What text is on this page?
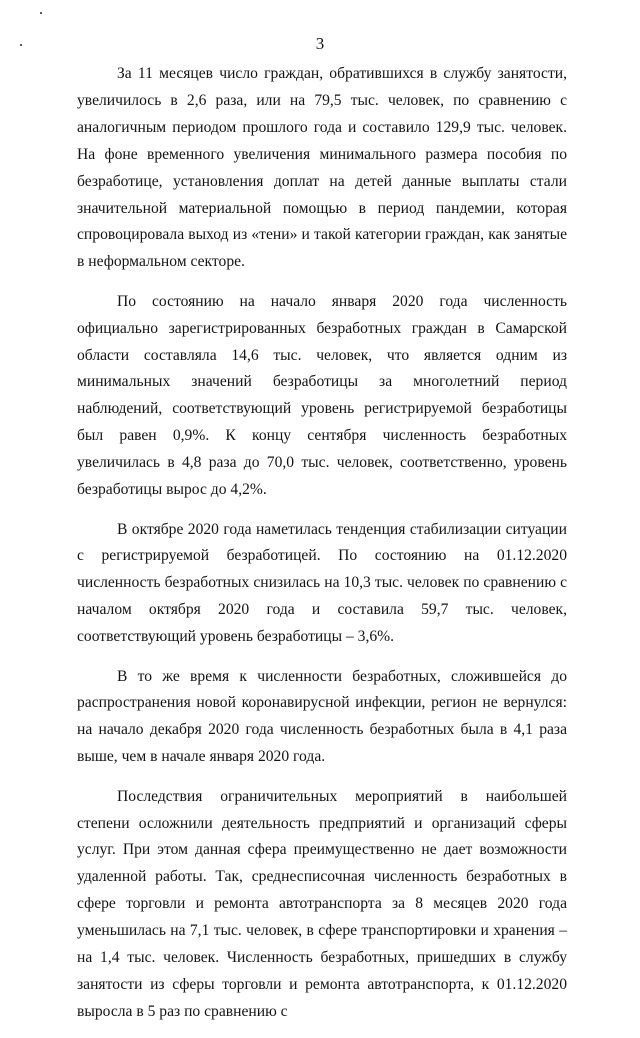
3

За 11 месяцев число граждан, обратившихся в службу занятости, увеличилось в 2,6 раза, или на 79,5 тыс. человек, по сравнению с аналогичным периодом прошлого года и составило 129,9 тыс. человек. На фоне временного увеличения минимального размера пособия по безработице, установления доплат на детей данные выплаты стали значительной материальной помощью в период пандемии, которая спровоцировала выход из «тени» и такой категории граждан, как занятые в неформальном секторе.

По состоянию на начало января 2020 года численность официально зарегистрированных безработных граждан в Самарской области составляла 14,6 тыс. человек, что является одним из минимальных значений безработицы за многолетний период наблюдений, соответствующий уровень регистрируемой безработицы был равен 0,9%. К концу сентября численность безработных увеличилась в 4,8 раза до 70,0 тыс. человек, соответственно, уровень безработицы вырос до 4,2%.

В октябре 2020 года наметилась тенденция стабилизации ситуации с регистрируемой безработицей. По состоянию на 01.12.2020 численность безработных снизилась на 10,3 тыс. человек по сравнению с началом октября 2020 года и составила 59,7 тыс. человек, соответствующий уровень безработицы – 3,6%.

В то же время к численности безработных, сложившейся до распространения новой коронавирусной инфекции, регион не вернулся: на начало декабря 2020 года численность безработных была в 4,1 раза выше, чем в начале января 2020 года.

Последствия ограничительных мероприятий в наибольшей степени осложнили деятельность предприятий и организаций сферы услуг. При этом данная сфера преимущественно не дает возможности удаленной работы. Так, среднесписочная численность безработных в сфере торговли и ремонта автотранспорта за 8 месяцев 2020 года уменьшилась на 7,1 тыс. человек, в сфере транспортировки и хранения – на 1,4 тыс. человек. Численность безработных, пришедших в службу занятости из сферы торговли и ремонта автотранспорта, к 01.12.2020 выросла в 5 раз по сравнению с
